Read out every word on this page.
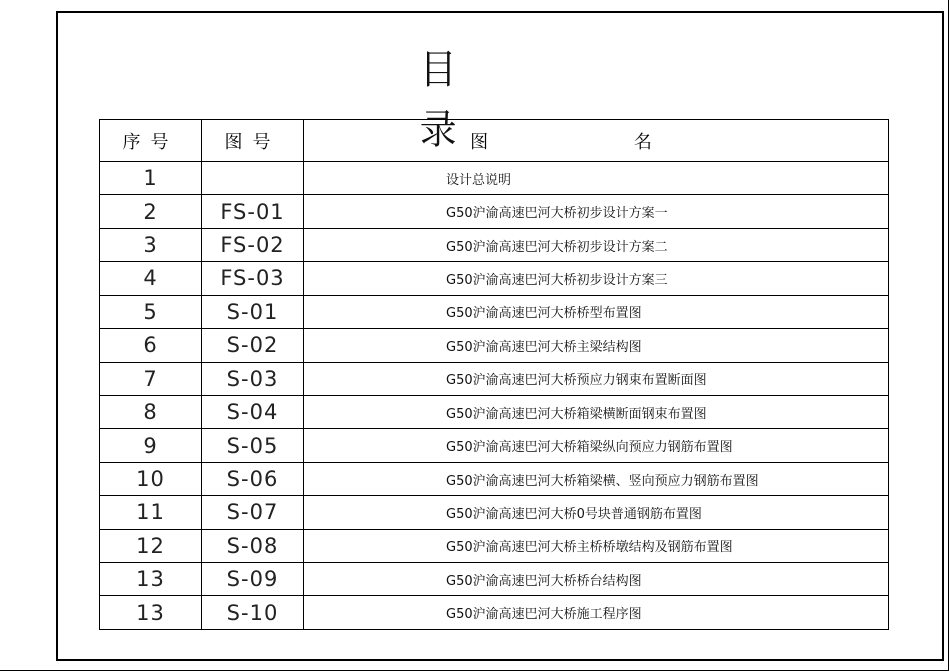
目 录
序号	图号	图 名
1		设计总说明
2	FS-01	G50沪渝高速巴河大桥初步设计方案一
3	FS-02	G50沪渝高速巴河大桥初步设计方案二
4	FS-03	G50沪渝高速巴河大桥初步设计方案三
5	S-01	G50沪渝高速巴河大桥桥型布置图
6	S-02	G50沪渝高速巴河大桥主梁结构图
7	S-03	G50沪渝高速巴河大桥预应力钢束布置断面图
8	S-04	G50沪渝高速巴河大桥箱梁横断面钢束布置图
9	S-05	G50沪渝高速巴河大桥箱梁纵向预应力钢筋布置图
10	S-06	G50沪渝高速巴河大桥箱梁横、竖向预应力钢筋布置图
11	S-07	G50沪渝高速巴河大桥0号块普通钢筋布置图
12	S-08	G50沪渝高速巴河大桥主桥桥墩结构及钢筋布置图
13	S-09	G50沪渝高速巴河大桥桥台结构图
13	S-10	G50沪渝高速巴河大桥施工程序图
